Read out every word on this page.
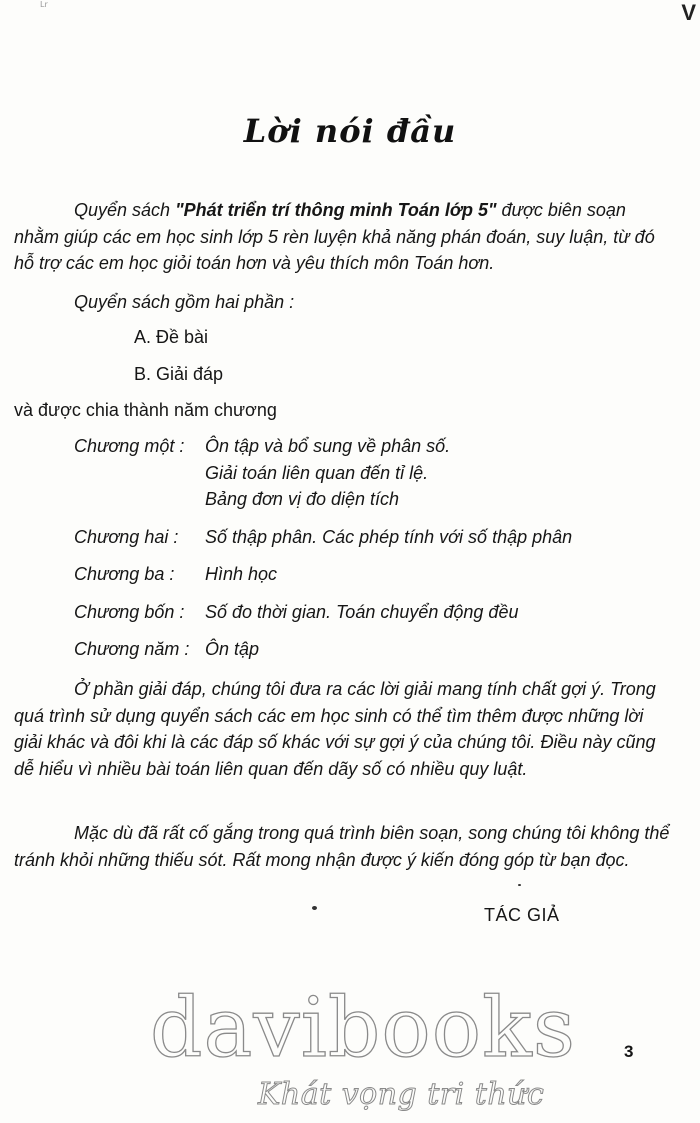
Lr	V
Lời nói đầu
Quyển sách "Phát triển trí thông minh Toán lớp 5" được biên soạn nhằm giúp các em học sinh lớp 5 rèn luyện khả năng phán đoán, suy luận, từ đó hỗ trợ các em học giỏi toán hơn và yêu thích môn Toán hơn.
Quyển sách gồm hai phần :
A. Đề bài
B. Giải đáp
và được chia thành năm chương
Chương một :	Ôn tập và bổ sung về phân số.
Giải toán liên quan đến tỉ lệ.
Bảng đơn vị đo diện tích
Chương hai :	Số thập phân. Các phép tính với số thập phân
Chương ba :	Hình học
Chương bốn :	Số đo thời gian. Toán chuyển động đều
Chương năm : Ôn tập
Ở phần giải đáp, chúng tôi đưa ra các lời giải mang tính chất gợi ý. Trong quá trình sử dụng quyển sách các em học sinh có thể tìm thêm được những lời giải khác và đôi khi là các đáp số khác với sự gợi ý của chúng tôi. Điều này cũng dễ hiểu vì nhiều bài toán liên quan đến dãy số có nhiều quy luật.
Mặc dù đã rất cố gắng trong quá trình biên soạn, song chúng tôi không thể tránh khỏi những thiếu sót. Rất mong nhận được ý kiến đóng góp từ bạn đọc.
TÁC GIẢ
davibooks
Khát vọng tri thức
3
